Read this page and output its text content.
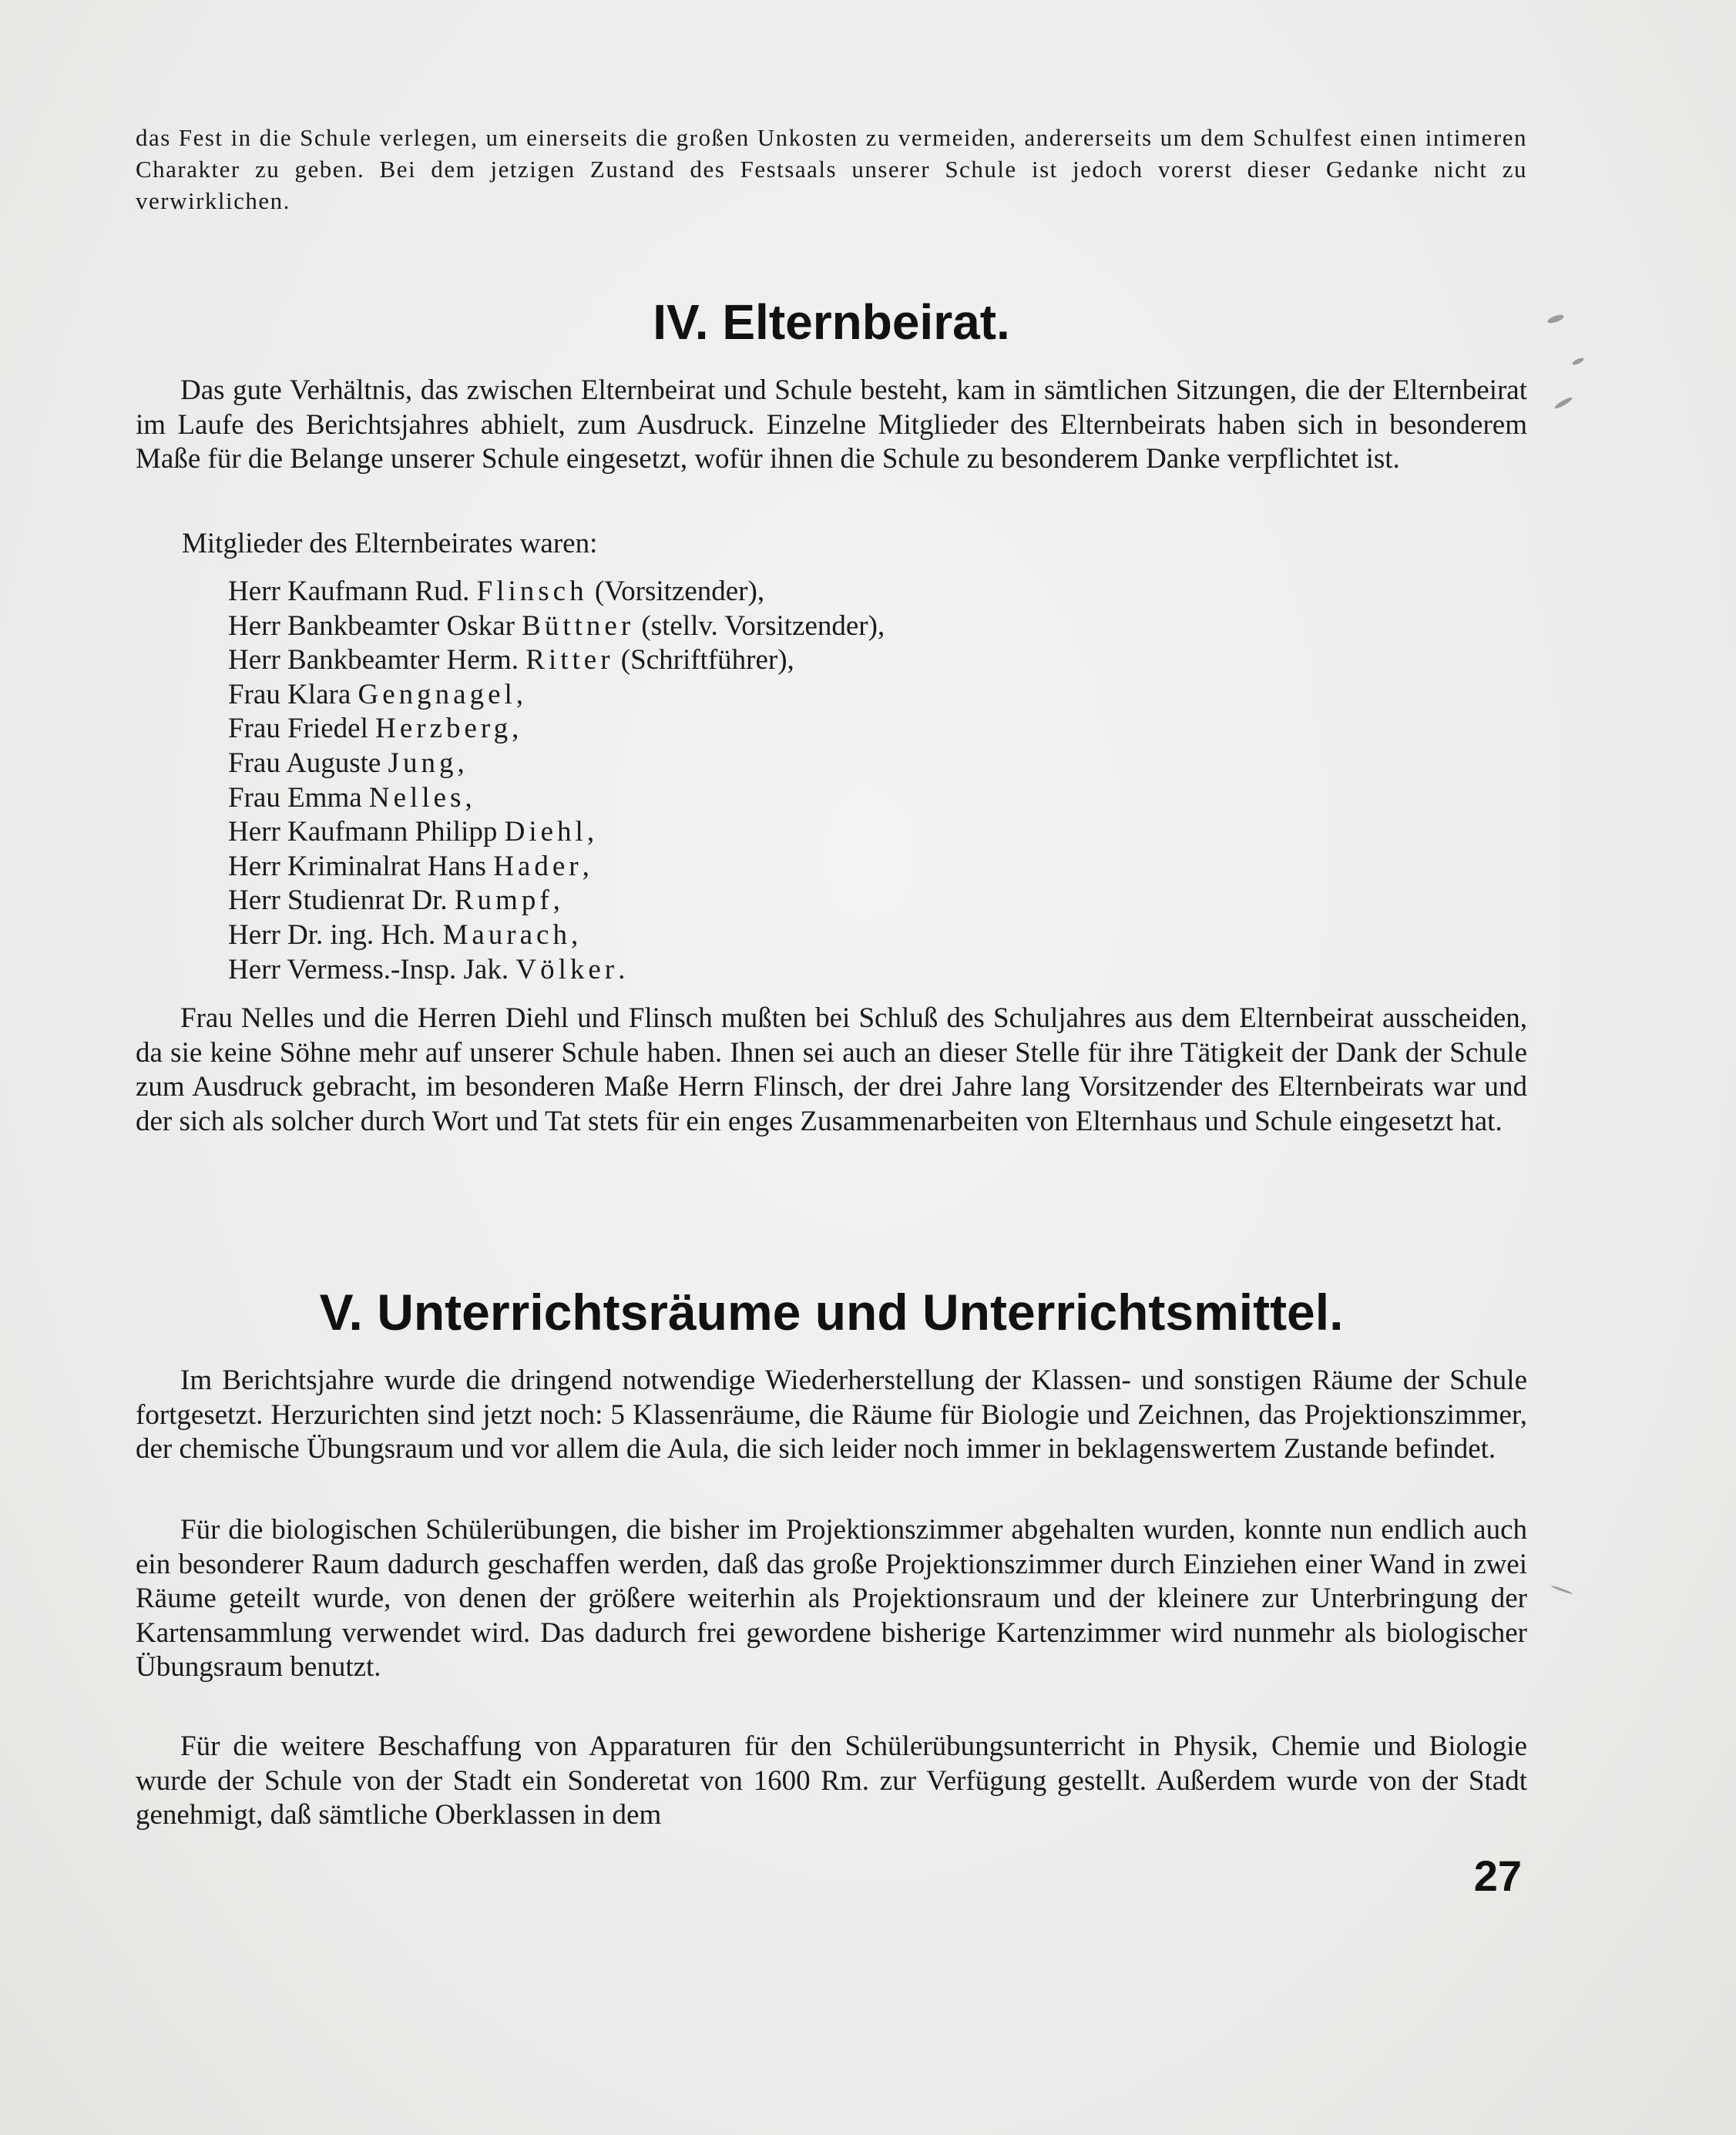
das Fest in die Schule verlegen, um einerseits die großen Unkosten zu vermeiden, andererseits um dem Schulfest einen intimeren Charakter zu geben. Bei dem jetzigen Zustand des Festsaals unserer Schule ist jedoch vorerst dieser Gedanke nicht zu verwirklichen.

IV. Elternbeirat.

Das gute Verhältnis, das zwischen Elternbeirat und Schule besteht, kam in sämtlichen Sitzungen, die der Elternbeirat im Laufe des Berichtsjahres abhielt, zum Ausdruck. Einzelne Mitglieder des Elternbeirats haben sich in besonderem Maße für die Belange unserer Schule eingesetzt, wofür ihnen die Schule zu besonderem Danke verpflichtet ist.

Mitglieder des Elternbeirates waren:
Herr Kaufmann Rud. Flinsch (Vorsitzender),
Herr Bankbeamter Oskar Büttner (stellv. Vorsitzender),
Herr Bankbeamter Herm. Ritter (Schriftführer),
Frau Klara Gengnagel,
Frau Friedel Herzberg,
Frau Auguste Jung,
Frau Emma Nelles,
Herr Kaufmann Philipp Diehl,
Herr Kriminalrat Hans Hader,
Herr Studienrat Dr. Rumpf,
Herr Dr. ing. Hch. Maurach,
Herr Vermess.-Insp. Jak. Völker.

Frau Nelles und die Herren Diehl und Flinsch mußten bei Schluß des Schuljahres aus dem Elternbeirat ausscheiden, da sie keine Söhne mehr auf unserer Schule haben. Ihnen sei auch an dieser Stelle für ihre Tätigkeit der Dank der Schule zum Ausdruck gebracht, im besonderen Maße Herrn Flinsch, der drei Jahre lang Vorsitzender des Elternbeirats war und der sich als solcher durch Wort und Tat stets für ein enges Zusammenarbeiten von Elternhaus und Schule eingesetzt hat.

V. Unterrichtsräume und Unterrichtsmittel.

Im Berichtsjahre wurde die dringend notwendige Wiederherstellung der Klassen- und sonstigen Räume der Schule fortgesetzt. Herzurichten sind jetzt noch: 5 Klassenräume, die Räume für Biologie und Zeichnen, das Projektionszimmer, der chemische Übungsraum und vor allem die Aula, die sich leider noch immer in beklagenswertem Zustande befindet.

Für die biologischen Schülerübungen, die bisher im Projektionszimmer abgehalten wurden, konnte nun endlich auch ein besonderer Raum dadurch geschaffen werden, daß das große Projektionszimmer durch Einziehen einer Wand in zwei Räume geteilt wurde, von denen der größere weiterhin als Projektionsraum und der kleinere zur Unterbringung der Kartensammlung verwendet wird. Das dadurch frei gewordene bisherige Kartenzimmer wird nunmehr als biologischer Übungsraum benutzt.

Für die weitere Beschaffung von Apparaturen für den Schülerübungsunterricht in Physik, Chemie und Biologie wurde der Schule von der Stadt ein Sonderetat von 1600 Rm. zur Verfügung gestellt. Außerdem wurde von der Stadt genehmigt, daß sämtliche Oberklassen in dem

27
